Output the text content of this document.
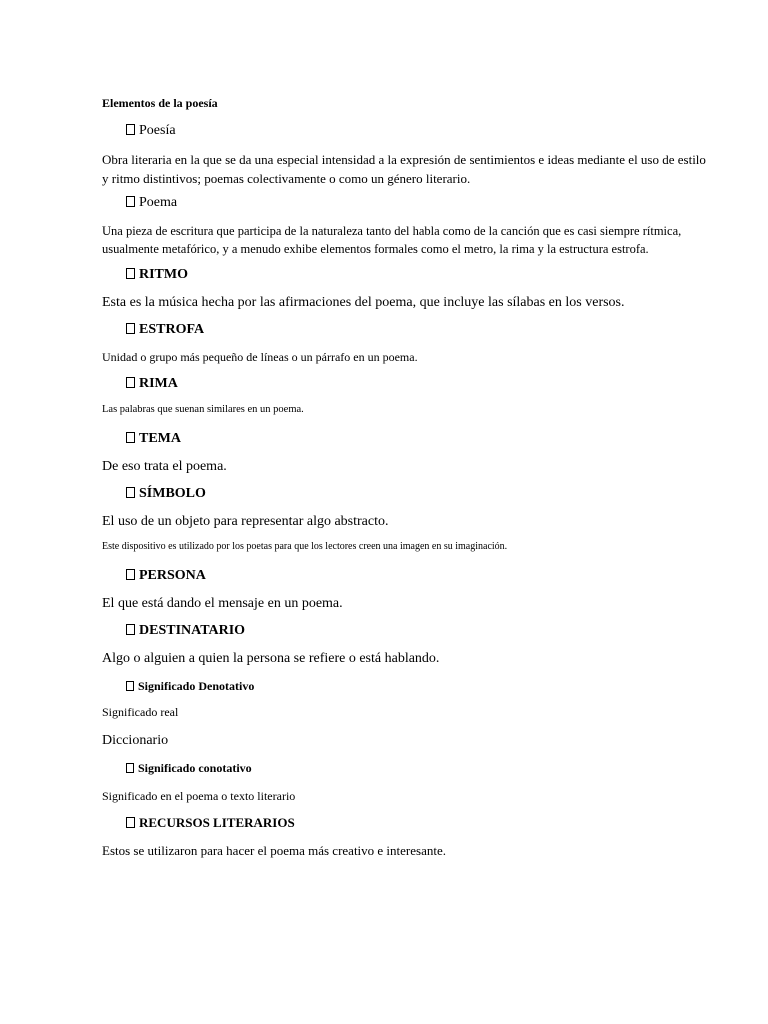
Elementos de la poesía
Poesía

Obra literaria en la que se da una especial intensidad a la expresión de sentimientos e ideas mediante el uso de estilo y ritmo distintivos; poemas colectivamente o como un género literario.

Poema

Una pieza de escritura que participa de la naturaleza tanto del habla como de la canción que es casi siempre rítmica, usualmente metafórico, y a menudo exhibe elementos formales como el metro, la rima y la estructura estrofa.

RITMO
Esta es la música hecha por las afirmaciones del poema, que incluye las sílabas en los versos.
ESTROFA
Unidad o grupo más pequeño de líneas o un párrafo en un poema.
RIMA
Las palabras que suenan similares en un poema.
TEMA
De eso trata el poema.
SÍMBOLO
El uso de un objeto para representar algo abstracto.
Este dispositivo es utilizado por los poetas para que los lectores creen una imagen en su imaginación.
PERSONA
El que está dando el mensaje en un poema.
DESTINATARIO
Algo o alguien a quien la persona se refiere o está hablando.
Significado Denotativo
Significado real
Diccionario
Significado conotativo
Significado en el poema o texto literario
RECURSOS LITERARIOS
Estos se utilizaron para hacer el poema más creativo e interesante.
